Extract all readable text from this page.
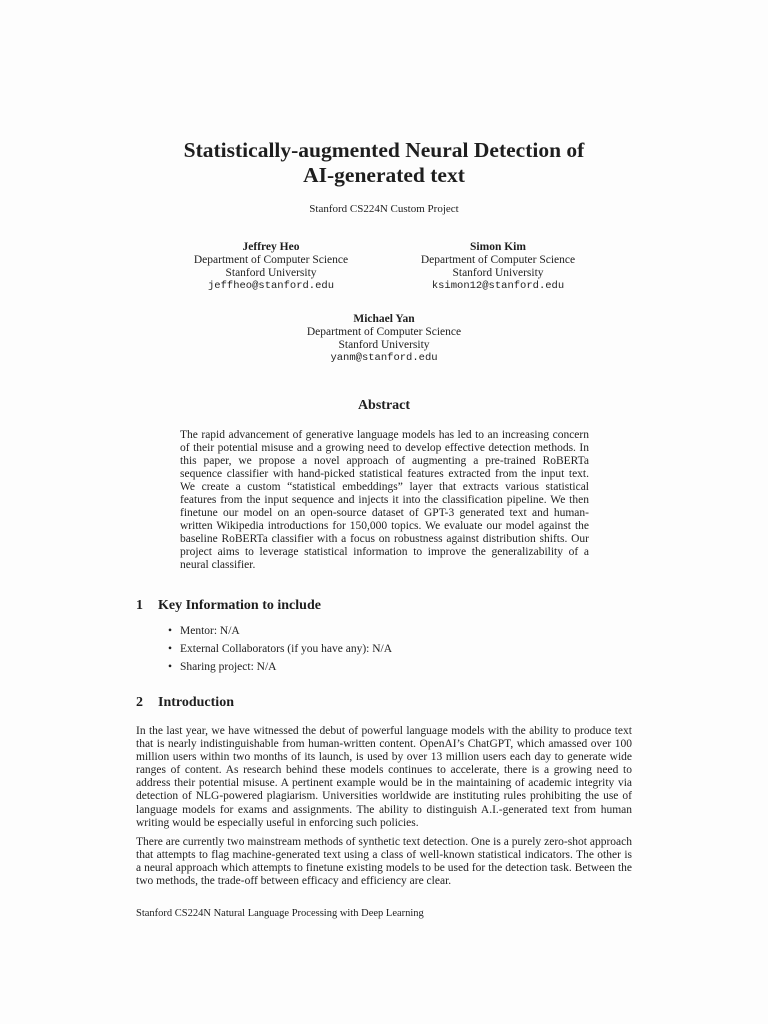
Statistically-augmented Neural Detection of
AI-generated text
Stanford CS224N Custom Project
Jeffrey Heo
Department of Computer Science
Stanford University
jeffheo@stanford.edu
Simon Kim
Department of Computer Science
Stanford University
ksimon12@stanford.edu
Michael Yan
Department of Computer Science
Stanford University
yanm@stanford.edu
Abstract
The rapid advancement of generative language models has led to an increasing concern of their potential misuse and a growing need to develop effective detection methods. In this paper, we propose a novel approach of augmenting a pre-trained RoBERTa sequence classifier with hand-picked statistical features extracted from the input text. We create a custom “statistical embeddings” layer that extracts various statistical features from the input sequence and injects it into the classification pipeline. We then finetune our model on an open-source dataset of GPT-3 generated text and human-written Wikipedia introductions for 150,000 topics. We evaluate our model against the baseline RoBERTa classifier with a focus on robustness against distribution shifts. Our project aims to leverage statistical information to improve the generalizability of a neural classifier.
1 Key Information to include
• Mentor: N/A
• External Collaborators (if you have any): N/A
• Sharing project: N/A
2 Introduction
In the last year, we have witnessed the debut of powerful language models with the ability to produce text that is nearly indistinguishable from human-written content. OpenAI’s ChatGPT, which amassed over 100 million users within two months of its launch, is used by over 13 million users each day to generate wide ranges of content. As research behind these models continues to accelerate, there is a growing need to address their potential misuse. A pertinent example would be in the maintaining of academic integrity via detection of NLG-powered plagiarism. Universities worldwide are instituting rules prohibiting the use of language models for exams and assignments. The ability to distinguish A.I.-generated text from human writing would be especially useful in enforcing such policies.
There are currently two mainstream methods of synthetic text detection. One is a purely zero-shot approach that attempts to flag machine-generated text using a class of well-known statistical indicators. The other is a neural approach which attempts to finetune existing models to be used for the detection task. Between the two methods, the trade-off between efficacy and efficiency are clear.
Stanford CS224N Natural Language Processing with Deep Learning
